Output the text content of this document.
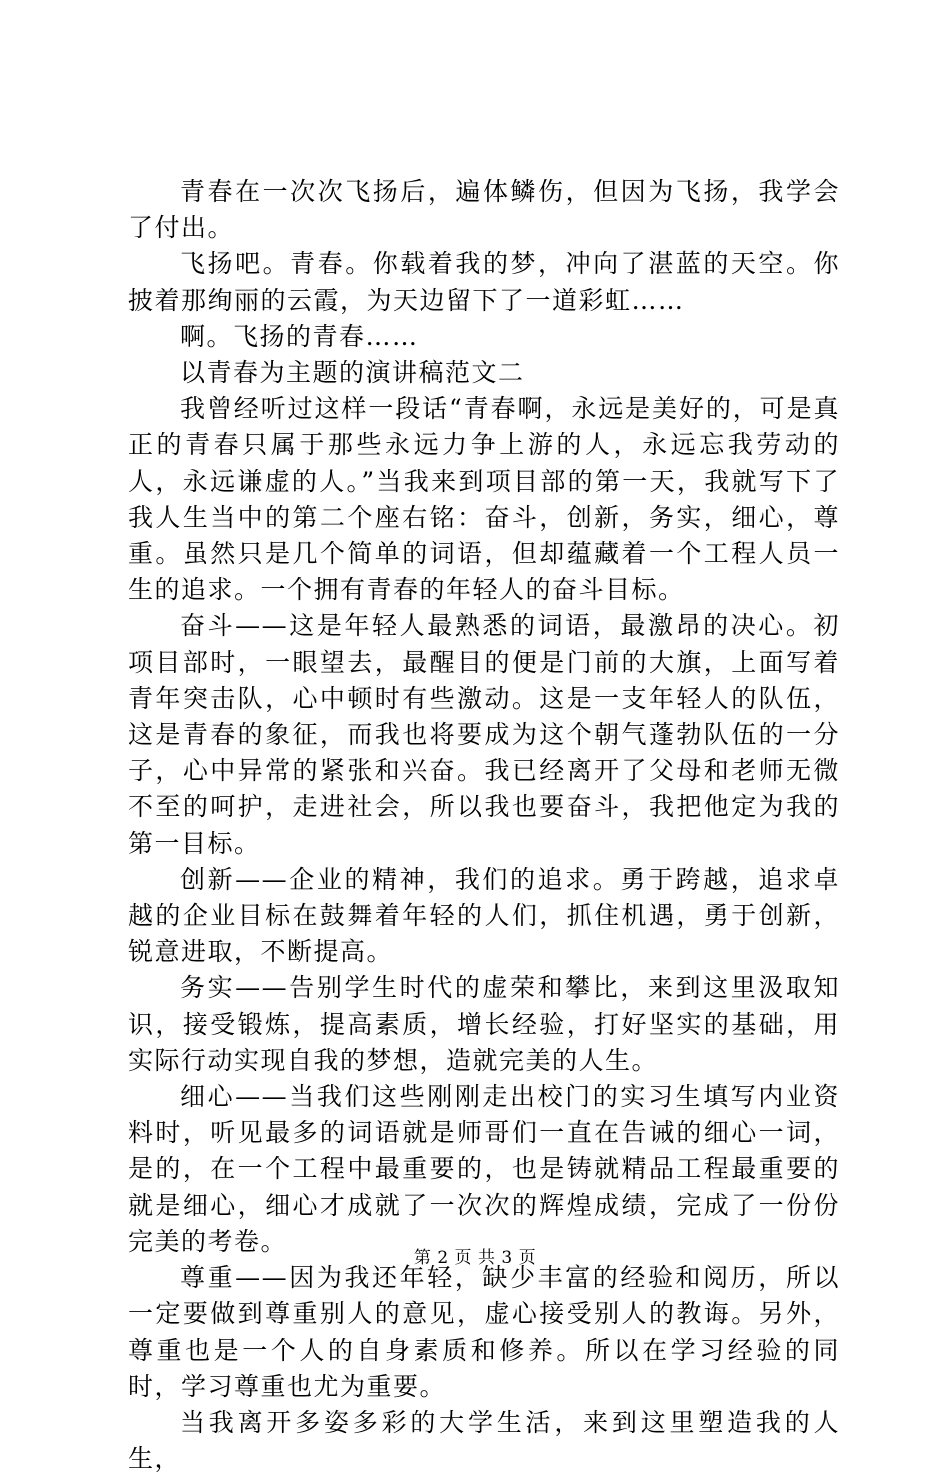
青春在一次次飞扬后，遍体鳞伤，但因为飞扬，我学会了付出。

飞扬吧。青春。你载着我的梦，冲向了湛蓝的天空。你披着那绚丽的云霞，为天边留下了一道彩虹……

啊。飞扬的青春……

以青春为主题的演讲稿范文二

我曾经听过这样一段话“青春啊，永远是美好的，可是真正的青春只属于那些永远力争上游的人，永远忘我劳动的人，永远谦虚的人。”当我来到项目部的第一天，我就写下了我人生当中的第二个座右铭：奋斗，创新，务实，细心，尊重。虽然只是几个简单的词语，但却蕴藏着一个工程人员一生的追求。一个拥有青春的年轻人的奋斗目标。

奋斗——这是年轻人最熟悉的词语，最激昂的决心。初项目部时，一眼望去，最醒目的便是门前的大旗，上面写着青年突击队，心中顿时有些激动。这是一支年轻人的队伍，这是青春的象征，而我也将要成为这个朝气蓬勃队伍的一分子，心中异常的紧张和兴奋。我已经离开了父母和老师无微不至的呵护，走进社会，所以我也要奋斗，我把他定为我的第一目标。

创新——企业的精神，我们的追求。勇于跨越，追求卓越的企业目标在鼓舞着年轻的人们，抓住机遇，勇于创新，锐意进取，不断提高。

务实——告别学生时代的虚荣和攀比，来到这里汲取知识，接受锻炼，提高素质，增长经验，打好坚实的基础，用实际行动实现自我的梦想，造就完美的人生。

细心——当我们这些刚刚走出校门的实习生填写内业资料时，听见最多的词语就是师哥们一直在告诫的细心一词，是的，在一个工程中最重要的，也是铸就精品工程最重要的就是细心，细心才成就了一次次的辉煌成绩，完成了一份份完美的考卷。

尊重——因为我还年轻，缺少丰富的经验和阅历，所以一定要做到尊重别人的意见，虚心接受别人的教诲。另外，尊重也是一个人的自身素质和修养。所以在学习经验的同时，学习尊重也尤为重要。

当我离开多姿多彩的大学生活，来到这里塑造我的人生，

第 2 页 共 3 页
